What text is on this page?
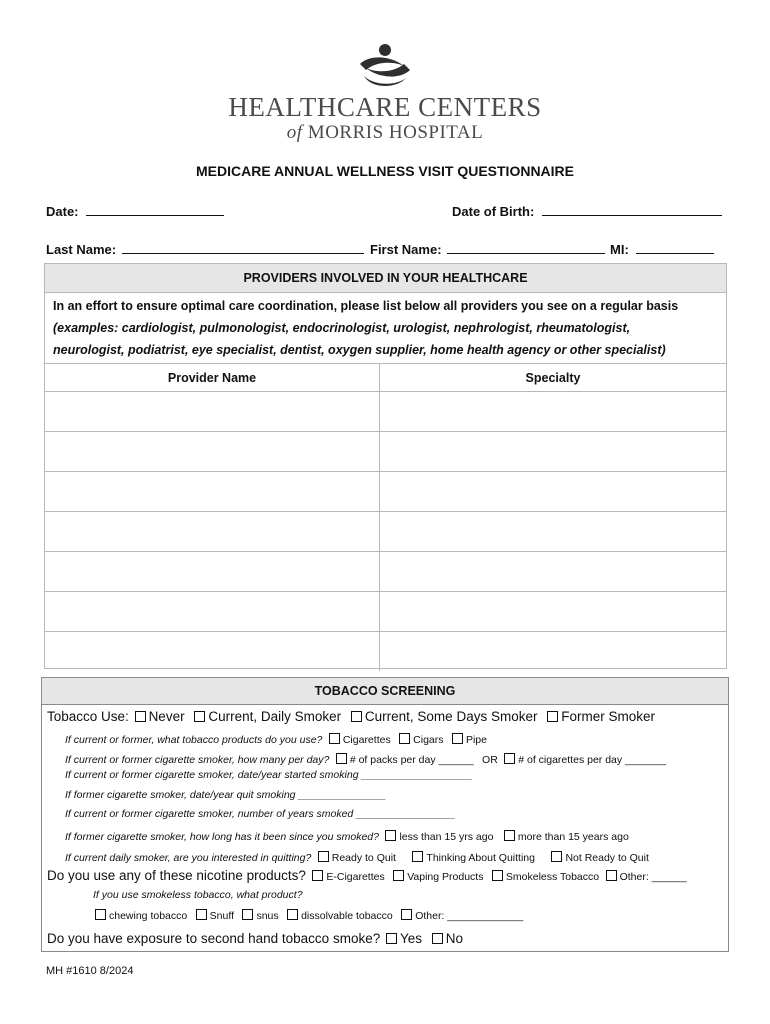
HEALTHCARE CENTERS
of MORRIS HOSPITAL
MEDICARE ANNUAL WELLNESS VISIT QUESTIONNAIRE
Date:	Date of Birth:
Last Name:	First Name:	MI:
PROVIDERS INVOLVED IN YOUR HEALTHCARE
In an effort to ensure optimal care coordination, please list below all providers you see on a regular basis
(examples: cardiologist, pulmonologist, endocrinologist, urologist, nephrologist, rheumatologist,
neurologist, podiatrist, eye specialist, dentist, oxygen supplier, home health agency or other specialist)
Provider Name	Specialty

TOBACCO SCREENING
Tobacco Use: Never Current, Daily Smoker Current, Some Days Smoker Former Smoker
If current or former, what tobacco products do you use? Cigarettes Cigars Pipe
If current or former cigarette smoker, how many per day? # of packs per day ______ OR # of cigarettes per day _______
If current or former cigarette smoker, date/year started smoking ___________________
If former cigarette smoker, date/year quit smoking _______________
If current or former cigarette smoker, number of years smoked _________________
If former cigarette smoker, how long has it been since you smoked? less than 15 yrs ago more than 15 years ago
If current daily smoker, are you interested in quitting? Ready to Quit	Thinking About Quitting	Not Ready to Quit
Do you use any of these nicotine products? E-Cigarettes Vaping Products Smokeless Tobacco Other: ______
If you use smokeless tobacco, what product?
chewing tobacco Snuff snus dissolvable tobacco Other: _____________
Do you have exposure to second hand tobacco smoke? Yes No
MH #1610 8/2024
